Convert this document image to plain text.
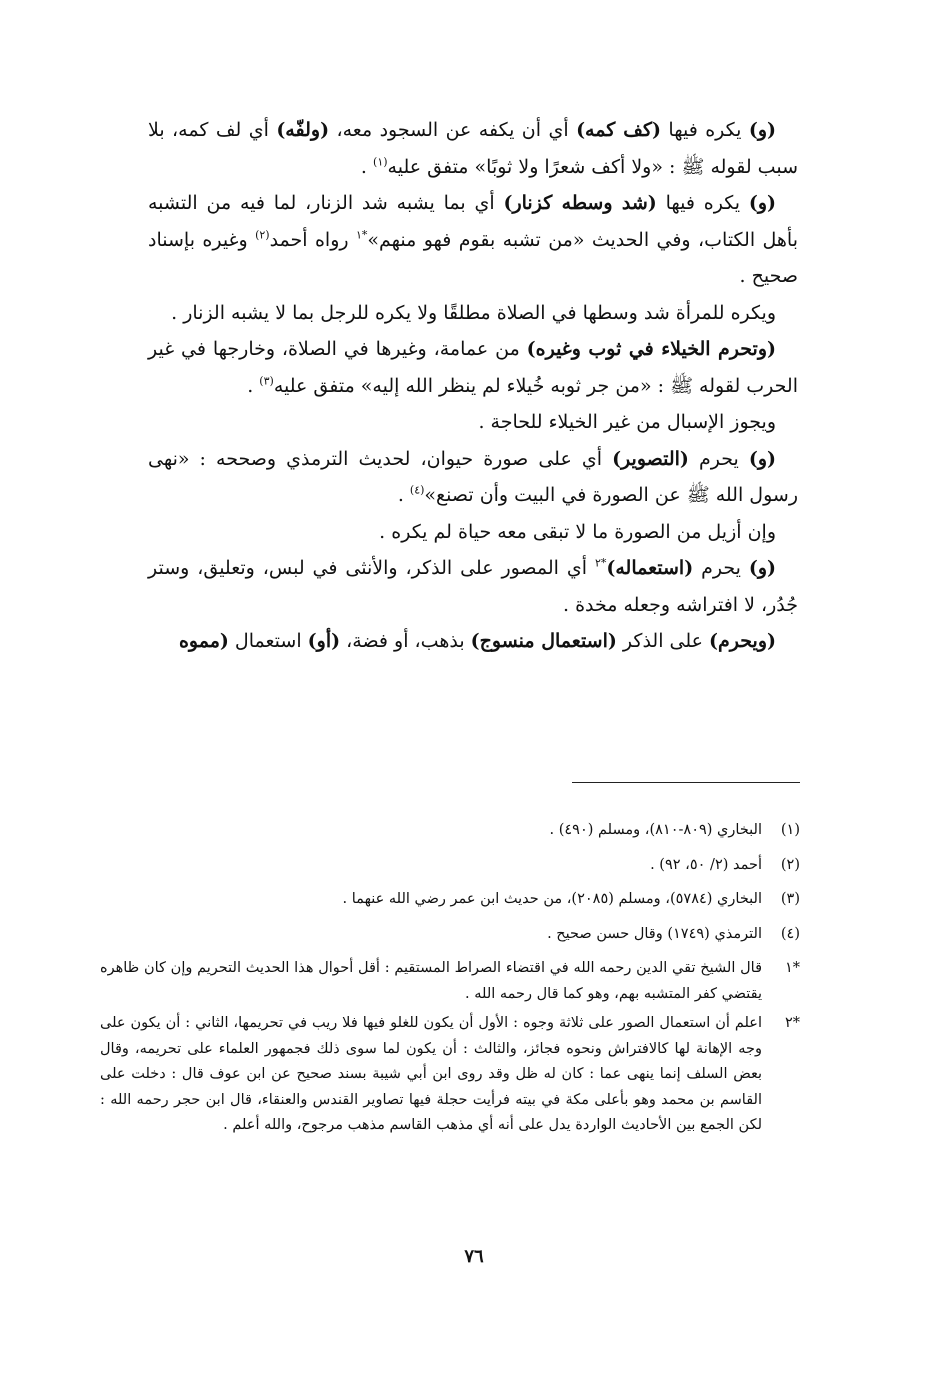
(و) يكره فيها (كف كمه) أي أن يكفه عن السجود معه، (ولفّه) أي لف كمه، بلا سبب لقوله ﷺ : «ولا أكف شعرًا ولا ثوبًا» متفق عليه$^{(١)}$ .

(و) يكره فيها (شد وسطه كزنار) أي بما يشبه شد الزنار، لما فيه من التشبه بأهل الكتاب، وفي الحديث «من تشبه بقوم فهو منهم»$^{*١}$ رواه أحمد$^{(٢)}$ وغيره بإسناد صحيح .

ويكره للمرأة شد وسطها في الصلاة مطلقًا ولا يكره للرجل بما لا يشبه الزنار .

(وتحرم الخيلاء في ثوب وغيره) من عمامة، وغيرها في الصلاة، وخارجها في غير الحرب لقوله ﷺ : «من جر ثوبه خُيلاء لم ينظر الله إليه» متفق عليه$^{(٣)}$ .

ويجوز الإسبال من غير الخيلاء للحاجة .

(و) يحرم (التصوير) أي على صورة حيوان، لحديث الترمذي وصححه : «نهى رسول الله ﷺ عن الصورة في البيت وأن تصنع»$^{(٤)}$ .

وإن أزيل من الصورة ما لا تبقى معه حياة لم يكره .

(و) يحرم (استعماله)$^{*٢}$ أي المصور على الذكر، والأنثى في لبس، وتعليق، وستر جُدُر، لا افتراشه وجعله مخدة .

(ويحرم) على الذكر (استعمال منسوج) بذهب، أو فضة، (أو) استعمال (مموه

(١)
البخاري (٨٠٩-٨١٠)، ومسلم (٤٩٠) .
(٢)
أحمد (٢/ ٥٠، ٩٢) .
(٣)
البخاري (٥٧٨٤)، ومسلم (٢٠٨٥)، من حديث ابن عمر رضي الله عنهما .
(٤)
الترمذي (١٧٤٩) وقال حسن صحيح .
*١
قال الشيخ تقي الدين رحمه الله في اقتضاء الصراط المستقيم : أقل أحوال هذا الحديث التحريم وإن كان ظاهره يقتضي كفر المتشبه بهم، وهو كما قال رحمه الله .
*٢
اعلم أن استعمال الصور على ثلاثة وجوه : الأول أن يكون للغلو فيها فلا ريب في تحريمها، الثاني : أن يكون على وجه الإهانة لها كالافتراش ونحوه فجائز، والثالث : أن يكون لما سوى ذلك فجمهور العلماء على تحريمه، وقال بعض السلف إنما ينهى عما : كان له ظل وقد روى ابن أبي شيبة بسند صحيح عن ابن عوف قال : دخلت على القاسم بن محمد وهو بأعلى مكة في بيته فرأيت حجلة فيها تصاوير القندس والعنقاء، قال ابن حجر رحمه الله : لكن الجمع بين الأحاديث الواردة يدل على أنه أي مذهب القاسم مذهب مرجوح، والله أعلم .
٧٦
